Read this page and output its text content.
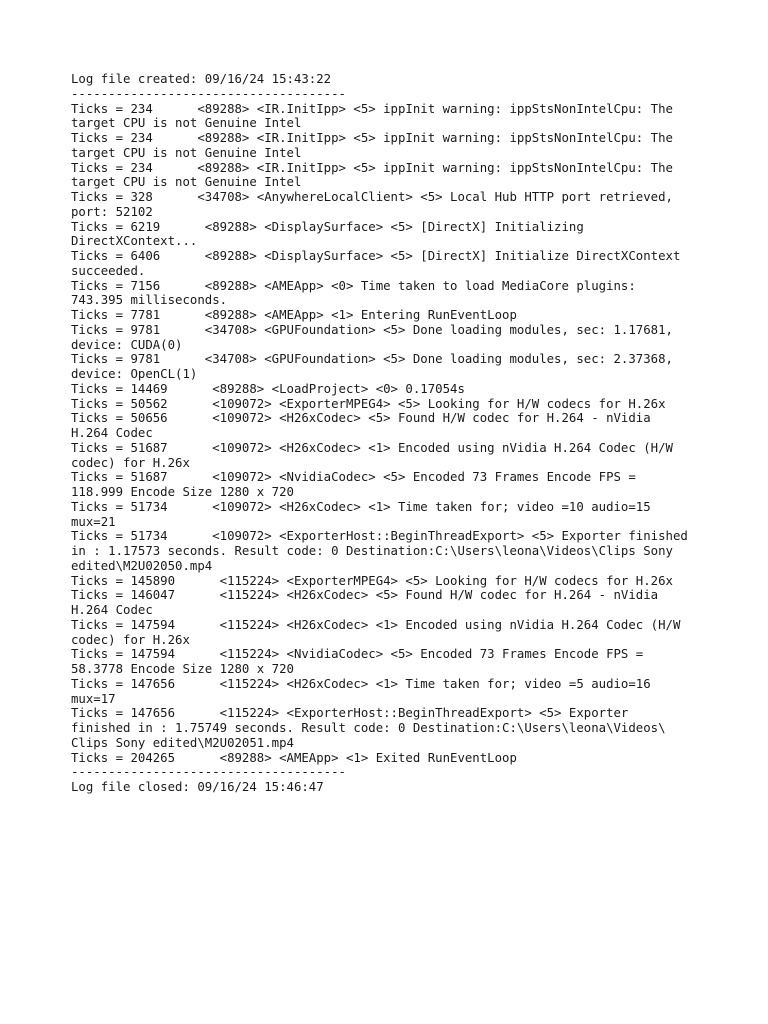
Log file created: 09/16/24 15:43:22
-------------------------------------
Ticks = 234      <89288> <IR.InitIpp> <5> ippInit warning: ippStsNonIntelCpu: The
target CPU is not Genuine Intel
Ticks = 234      <89288> <IR.InitIpp> <5> ippInit warning: ippStsNonIntelCpu: The
target CPU is not Genuine Intel
Ticks = 234      <89288> <IR.InitIpp> <5> ippInit warning: ippStsNonIntelCpu: The
target CPU is not Genuine Intel
Ticks = 328      <34708> <AnywhereLocalClient> <5> Local Hub HTTP port retrieved,
port: 52102
Ticks = 6219      <89288> <DisplaySurface> <5> [DirectX] Initializing
DirectXContext...
Ticks = 6406      <89288> <DisplaySurface> <5> [DirectX] Initialize DirectXContext
succeeded.
Ticks = 7156      <89288> <AMEApp> <0> Time taken to load MediaCore plugins:
743.395 milliseconds.
Ticks = 7781      <89288> <AMEApp> <1> Entering RunEventLoop
Ticks = 9781      <34708> <GPUFoundation> <5> Done loading modules, sec: 1.17681,
device: CUDA(0)
Ticks = 9781      <34708> <GPUFoundation> <5> Done loading modules, sec: 2.37368,
device: OpenCL(1)
Ticks = 14469      <89288> <LoadProject> <0> 0.17054s
Ticks = 50562      <109072> <ExporterMPEG4> <5> Looking for H/W codecs for H.26x
Ticks = 50656      <109072> <H26xCodec> <5> Found H/W codec for H.264 - nVidia
H.264 Codec
Ticks = 51687      <109072> <H26xCodec> <1> Encoded using nVidia H.264 Codec (H/W
codec) for H.26x
Ticks = 51687      <109072> <NvidiaCodec> <5> Encoded 73 Frames Encode FPS =
118.999 Encode Size 1280 x 720
Ticks = 51734      <109072> <H26xCodec> <1> Time taken for; video =10 audio=15
mux=21
Ticks = 51734      <109072> <ExporterHost::BeginThreadExport> <5> Exporter finished
in : 1.17573 seconds. Result code: 0 Destination:C:\Users\leona\Videos\Clips Sony
edited\M2U02050.mp4
Ticks = 145890      <115224> <ExporterMPEG4> <5> Looking for H/W codecs for H.26x
Ticks = 146047      <115224> <H26xCodec> <5> Found H/W codec for H.264 - nVidia
H.264 Codec
Ticks = 147594      <115224> <H26xCodec> <1> Encoded using nVidia H.264 Codec (H/W
codec) for H.26x
Ticks = 147594      <115224> <NvidiaCodec> <5> Encoded 73 Frames Encode FPS =
58.3778 Encode Size 1280 x 720
Ticks = 147656      <115224> <H26xCodec> <1> Time taken for; video =5 audio=16
mux=17
Ticks = 147656      <115224> <ExporterHost::BeginThreadExport> <5> Exporter
finished in : 1.75749 seconds. Result code: 0 Destination:C:\Users\leona\Videos\
Clips Sony edited\M2U02051.mp4
Ticks = 204265      <89288> <AMEApp> <1> Exited RunEventLoop
-------------------------------------
Log file closed: 09/16/24 15:46:47
